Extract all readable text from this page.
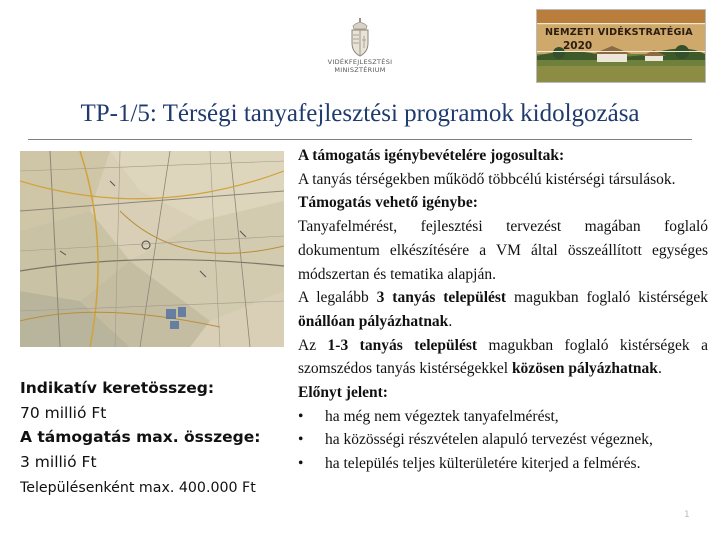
VIDÉKFEJLESZTÉSI
MINISZTÉRIUM
NEMZETI VIDÉKSTRATÉGIA
2020
TP-1/5: Térségi tanyafejlesztési programok kidolgozása
Indikatív keretösszeg:
70 millió Ft
A támogatás max. összege:
3 millió Ft
Településenként max. 400.000 Ft

A támogatás igénybevételére jogosultak:

A tanyás térségekben működő többcélú kistérségi társulások.

Támogatás vehető igénybe:

Tanyafelmérést, fejlesztési tervezést magában foglaló dokumentum elkészítésére a VM által összeállított egységes módszertan és tematika alapján.

A legalább 3 tanyás települést magukban foglaló kistérségek önállóan pályázhatnak.

Az 1-3 tanyás települést magukban foglaló kistérségek a szomszédos tanyás kistérségekkel közösen pályázhatnak.

Előnyt jelent:

•	ha még nem végeztek tanyafelmérést,
•	ha közösségi részvételen alapuló tervezést végeznek,
•	ha település teljes külterületére kiterjed a felmérés.
1
